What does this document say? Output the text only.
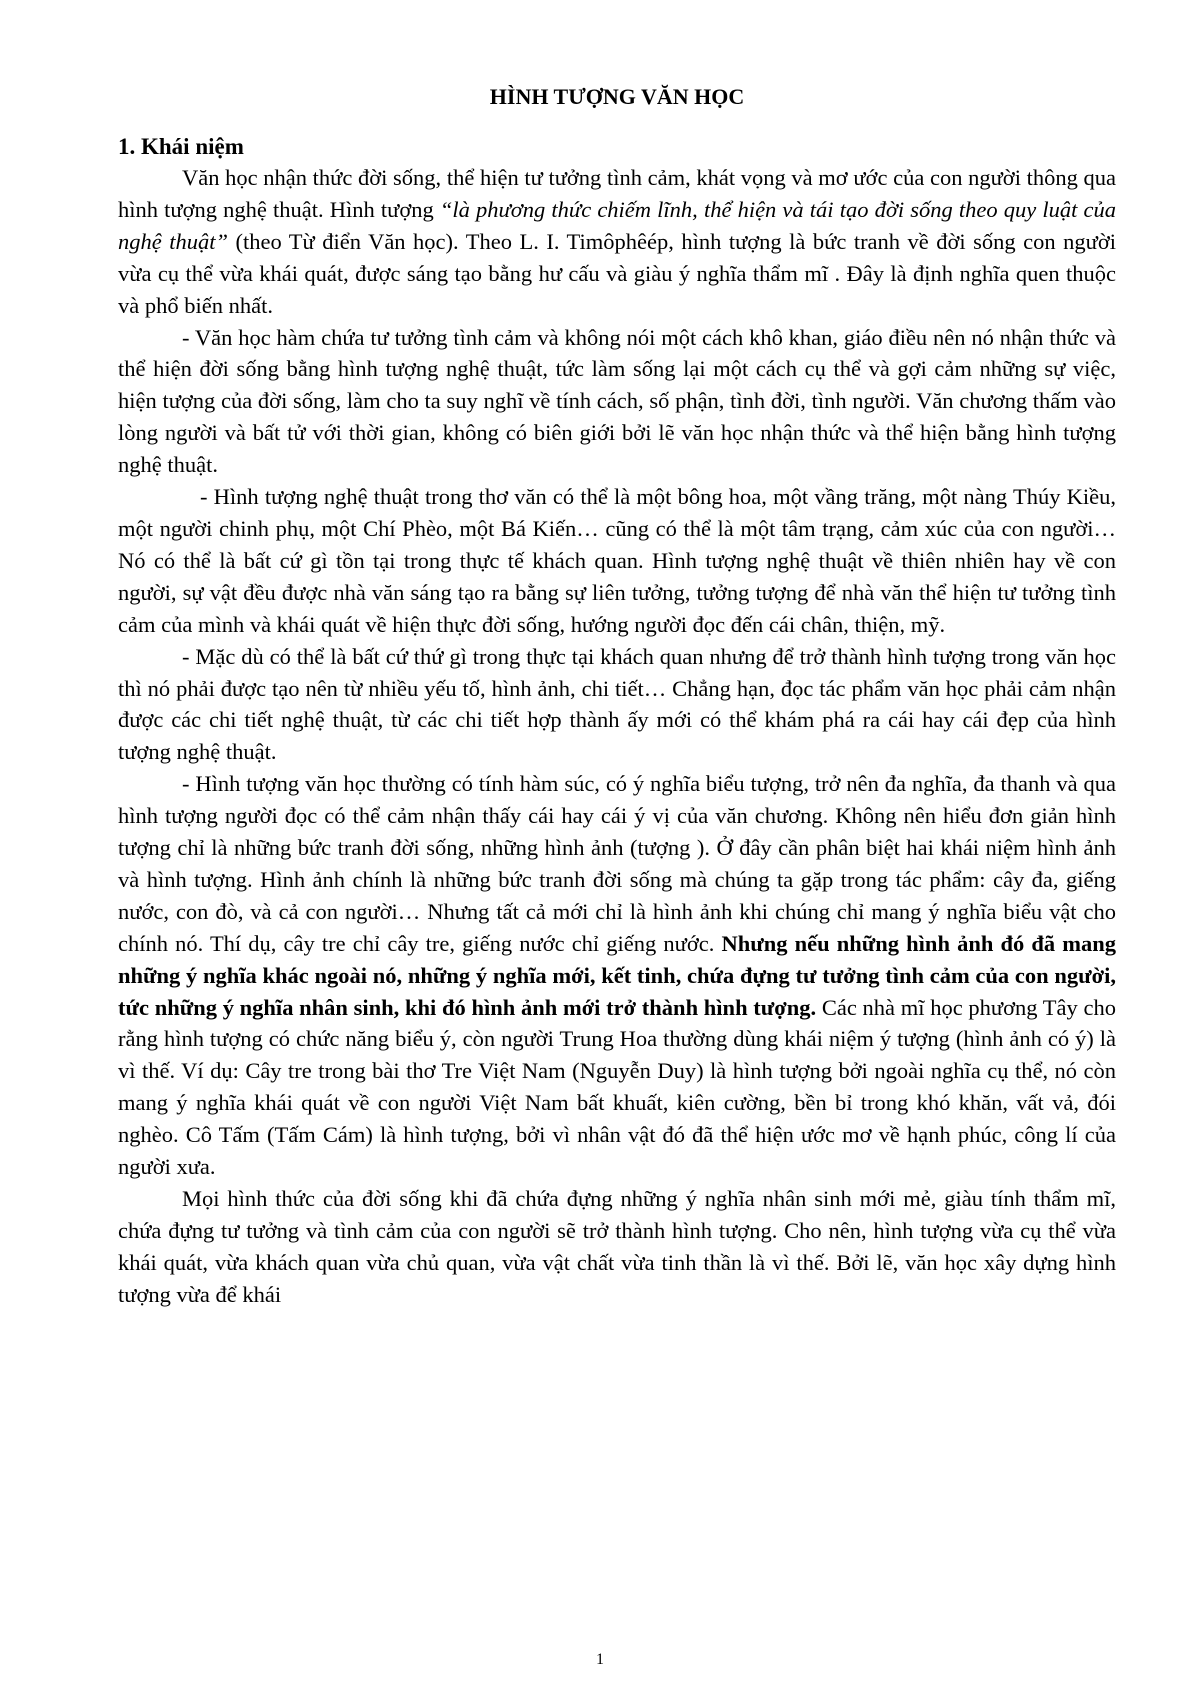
HÌNH TƯỢNG VĂN HỌC
1. Khái niệm

Văn học nhận thức đời sống, thể hiện tư tưởng tình cảm, khát vọng và mơ ước của con người thông qua hình tượng nghệ thuật. Hình tượng “là phương thức chiếm lĩnh, thể hiện và tái tạo đời sống theo quy luật của nghệ thuật” (theo Từ điển Văn học). Theo L. I. Timôphêép, hình tượng là bức tranh về đời sống con người vừa cụ thể vừa khái quát, được sáng tạo bằng hư cấu và giàu ý nghĩa thẩm mĩ . Đây là định nghĩa quen thuộc và phổ biến nhất.

- Văn học hàm chứa tư tưởng tình cảm và không nói một cách khô khan, giáo điều nên nó nhận thức và thể hiện đời sống bằng hình tượng nghệ thuật, tức làm sống lại một cách cụ thể và gợi cảm những sự việc, hiện tượng của đời sống, làm cho ta suy nghĩ về tính cách, số phận, tình đời, tình người. Văn chương thấm vào lòng người và bất tử với thời gian, không có biên giới bởi lẽ văn học nhận thức và thể hiện bằng hình tượng nghệ thuật.

- Hình tượng nghệ thuật trong thơ văn có thể là một bông hoa, một vầng trăng, một nàng Thúy Kiều, một người chinh phụ, một Chí Phèo, một Bá Kiến… cũng có thể là một tâm trạng, cảm xúc của con người… Nó có thể là bất cứ gì tồn tại trong thực tế khách quan. Hình tượng nghệ thuật về thiên nhiên hay về con người, sự vật đều được nhà văn sáng tạo ra bằng sự liên tưởng, tưởng tượng để nhà văn thể hiện tư tưởng tình cảm của mình và khái quát về hiện thực đời sống, hướng người đọc đến cái chân, thiện, mỹ.

- Mặc dù có thể là bất cứ thứ gì trong thực tại khách quan nhưng để trở thành hình tượng trong văn học thì nó phải được tạo nên từ nhiều yếu tố, hình ảnh, chi tiết… Chẳng hạn, đọc tác phẩm văn học phải cảm nhận được các chi tiết nghệ thuật, từ các chi tiết hợp thành ấy mới có thể khám phá ra cái hay cái đẹp của hình tượng nghệ thuật.

- Hình tượng văn học thường có tính hàm súc, có ý nghĩa biểu tượng, trở nên đa nghĩa, đa thanh và qua hình tượng người đọc có thể cảm nhận thấy cái hay cái ý vị của văn chương. Không nên hiểu đơn giản hình tượng chỉ là những bức tranh đời sống, những hình ảnh (tượng ). Ở đây cần phân biệt hai khái niệm hình ảnh và hình tượng. Hình ảnh chính là những bức tranh đời sống mà chúng ta gặp trong tác phẩm: cây đa, giếng nước, con đò, và cả con người… Nhưng tất cả mới chỉ là hình ảnh khi chúng chỉ mang ý nghĩa biểu vật cho chính nó. Thí dụ, cây tre chỉ cây tre, giếng nước chỉ giếng nước. Nhưng nếu những hình ảnh đó đã mang những ý nghĩa khác ngoài nó, những ý nghĩa mới, kết tinh, chứa đựng tư tưởng tình cảm của con người, tức những ý nghĩa nhân sinh, khi đó hình ảnh mới trở thành hình tượng. Các nhà mĩ học phương Tây cho rằng hình tượng có chức năng biểu ý, còn người Trung Hoa thường dùng khái niệm ý tượng (hình ảnh có ý) là vì thế. Ví dụ: Cây tre trong bài thơ Tre Việt Nam (Nguyễn Duy) là hình tượng bởi ngoài nghĩa cụ thể, nó còn mang ý nghĩa khái quát về con người Việt Nam bất khuất, kiên cường, bền bỉ trong khó khăn, vất vả, đói nghèo. Cô Tấm (Tấm Cám) là hình tượng, bởi vì nhân vật đó đã thể hiện ước mơ về hạnh phúc, công lí của người xưa.

Mọi hình thức của đời sống khi đã chứa đựng những ý nghĩa nhân sinh mới mẻ, giàu tính thẩm mĩ, chứa đựng tư tưởng và tình cảm của con người sẽ trở thành hình tượng. Cho nên, hình tượng vừa cụ thể vừa khái quát, vừa khách quan vừa chủ quan, vừa vật chất vừa tinh thần là vì thế. Bởi lẽ, văn học xây dựng hình tượng vừa để khái

1
